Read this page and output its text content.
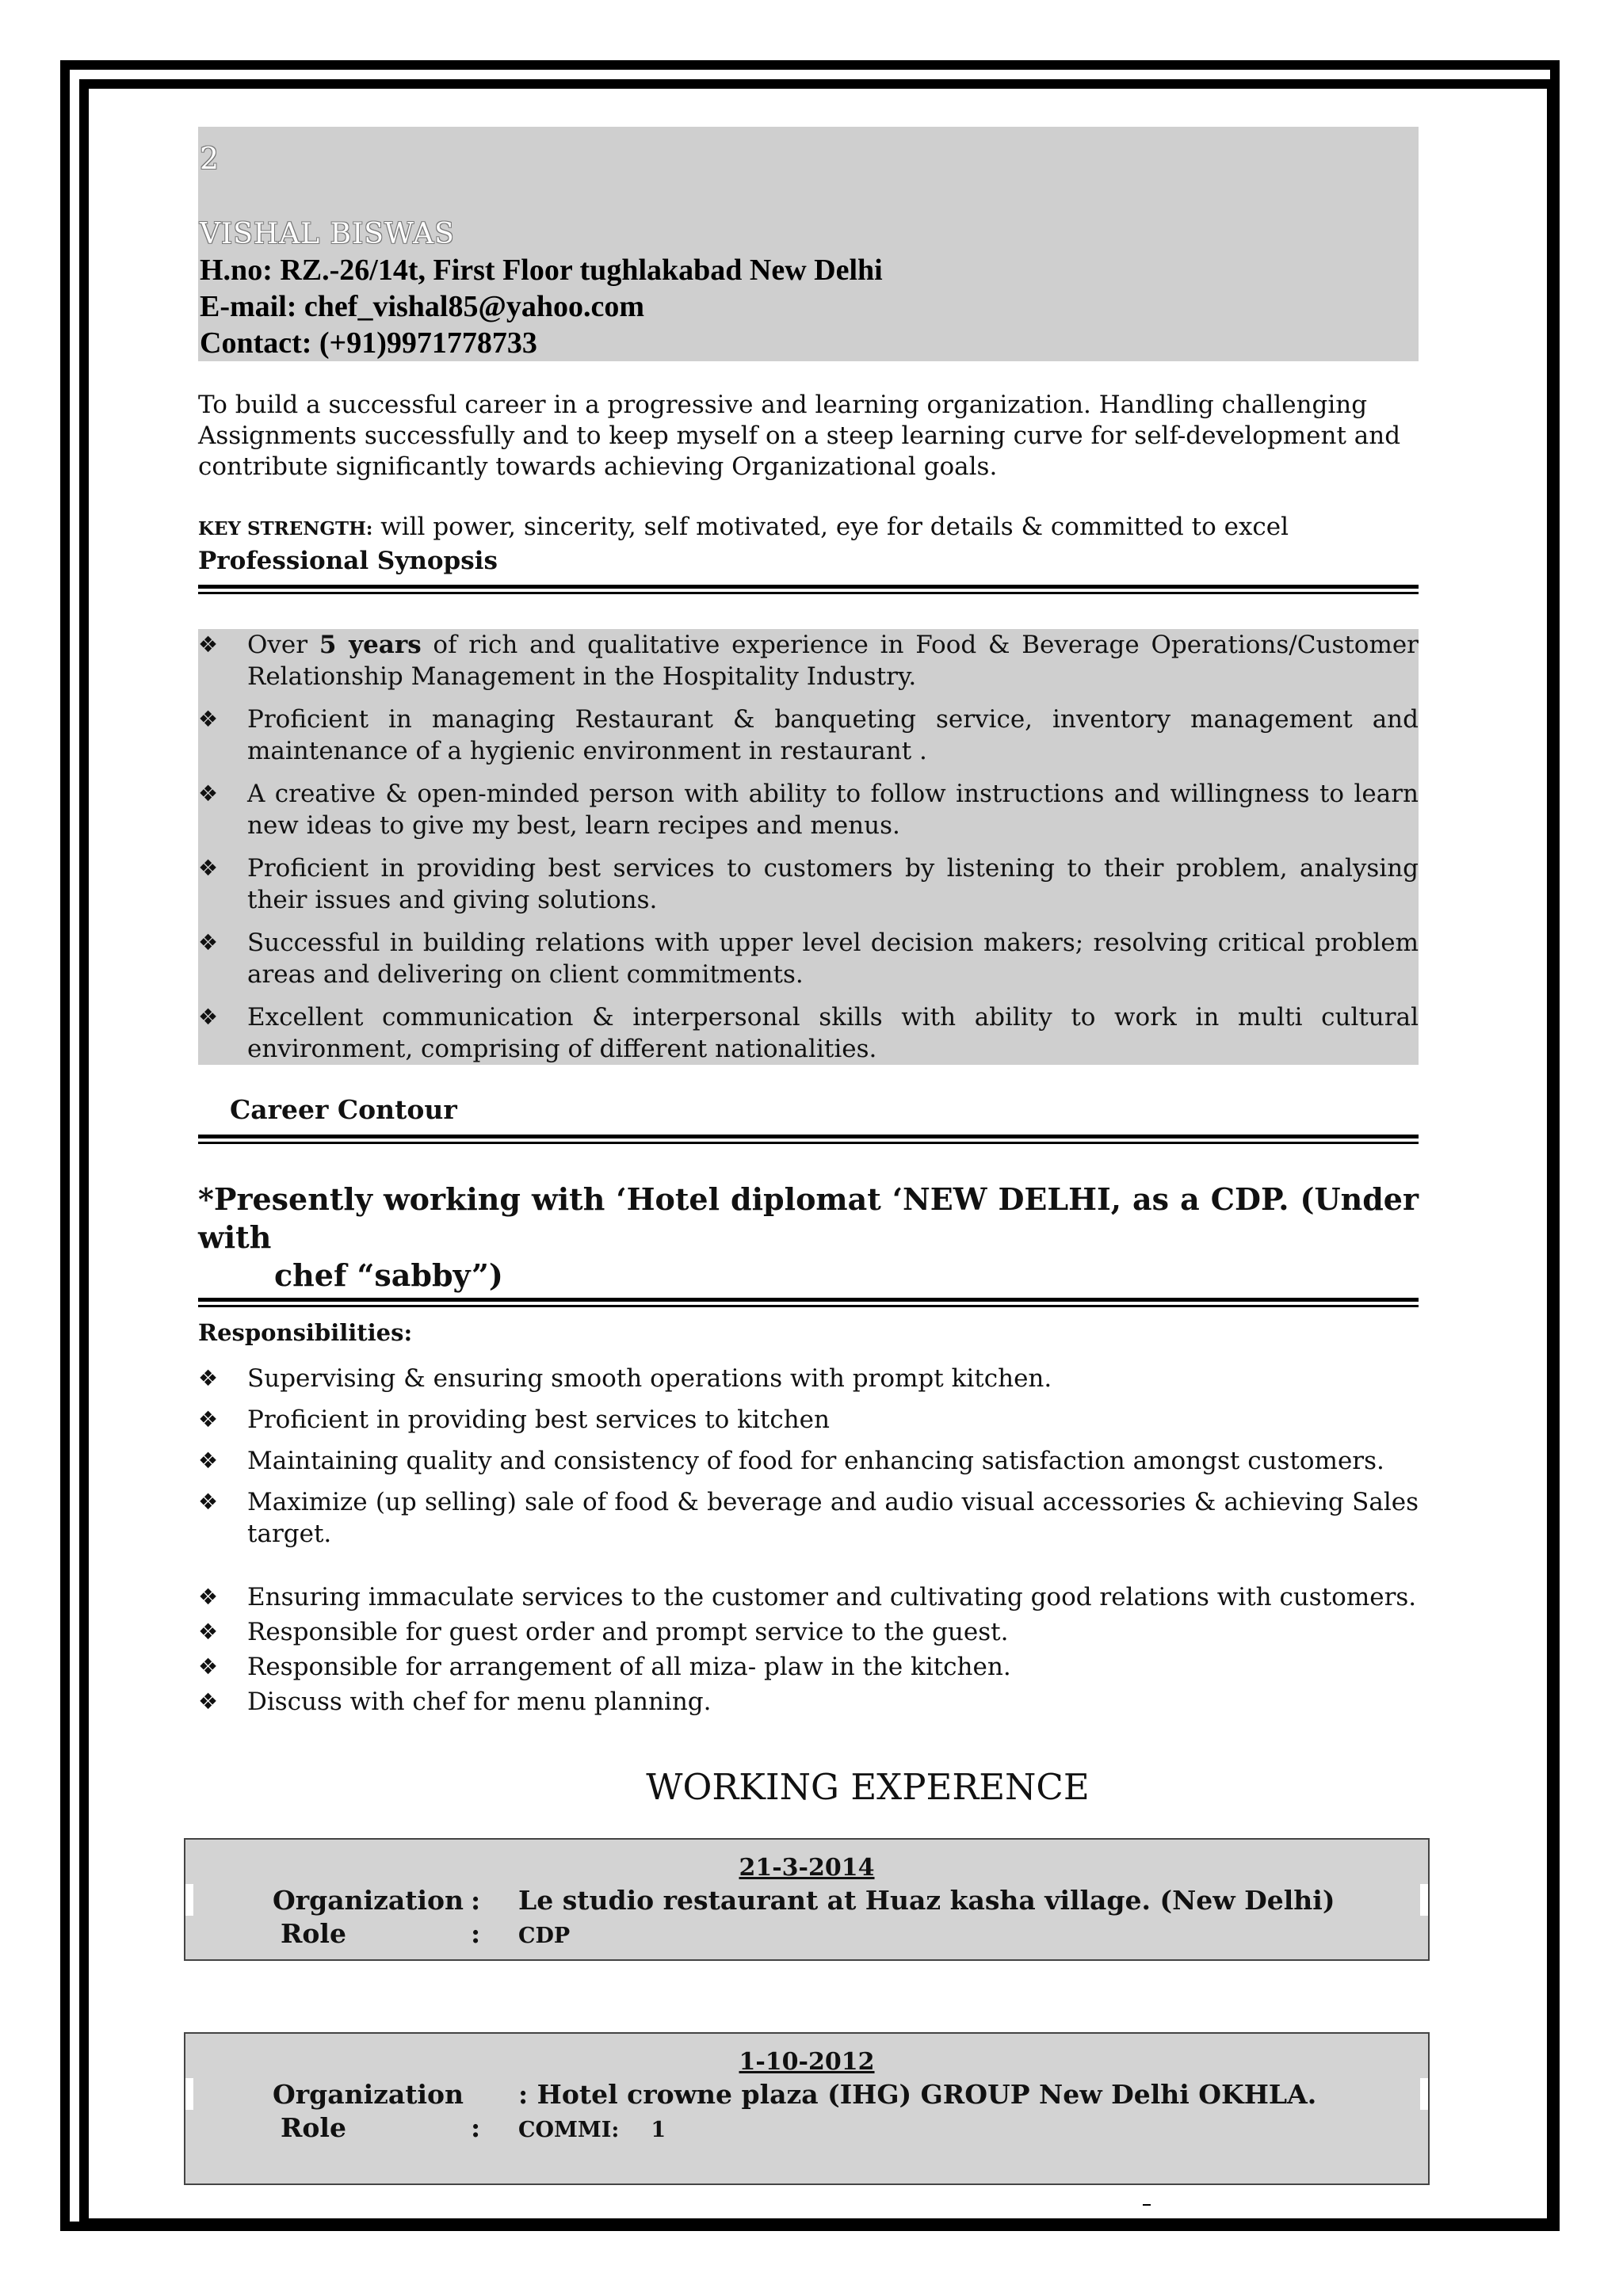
2
VISHAL BISWAS
H.no: RZ.-26/14t, First Floor tughlakabad New Delhi
E-mail: chef_vishal85@yahoo.com
Contact: (+91)9971778733
To build a successful career in a progressive and learning organization. Handling challenging Assignments successfully and to keep myself on a steep learning curve for self-development and contribute significantly towards achieving Organizational goals.
KEY STRENGTH: will power, sincerity, self motivated, eye for details & committed to excel
Professional Synopsis
❖ Over 5 years of rich and qualitative experience in Food & Beverage Operations/Customer Relationship Management in the Hospitality Industry.
❖ Proficient in managing Restaurant & banqueting service, inventory management and maintenance of a hygienic environment in restaurant .
❖ A creative & open-minded person with ability to follow instructions and willingness to learn new ideas to give my best, learn recipes and menus.
❖ Proficient in providing best services to customers by listening to their problem, analysing their issues and giving solutions.
❖ Successful in building relations with upper level decision makers; resolving critical problem areas and delivering on client commitments.
❖ Excellent communication & interpersonal skills with ability to work in multi cultural environment, comprising of different nationalities.
Career Contour
*Presently working with ‘Hotel diplomat ‘NEW DELHI, as a CDP. (Under with
chef “sabby”)
Responsibilities:
❖ Supervising & ensuring smooth operations with prompt kitchen.
❖ Proficient in providing best services to kitchen
❖ Maintaining quality and consistency of food for enhancing satisfaction amongst customers.
❖ Maximize (up selling) sale of food & beverage and audio visual accessories & achieving Sales target.
❖ Ensuring immaculate services to the customer and cultivating good relations with customers.
❖ Responsible for guest order and prompt service to the guest.
❖ Responsible for arrangement of all miza- plaw in the kitchen.
❖ Discuss with chef for menu planning.
WORKING EXPERENCE
21-3-2014
Organization :	Le studio restaurant at Huaz kasha village. (New Delhi)
Role	:	CDP
1-10-2012
Organization : Hotel crowne plaza (IHG) GROUP New Delhi OKHLA.
Role	:	COMMI: 1
